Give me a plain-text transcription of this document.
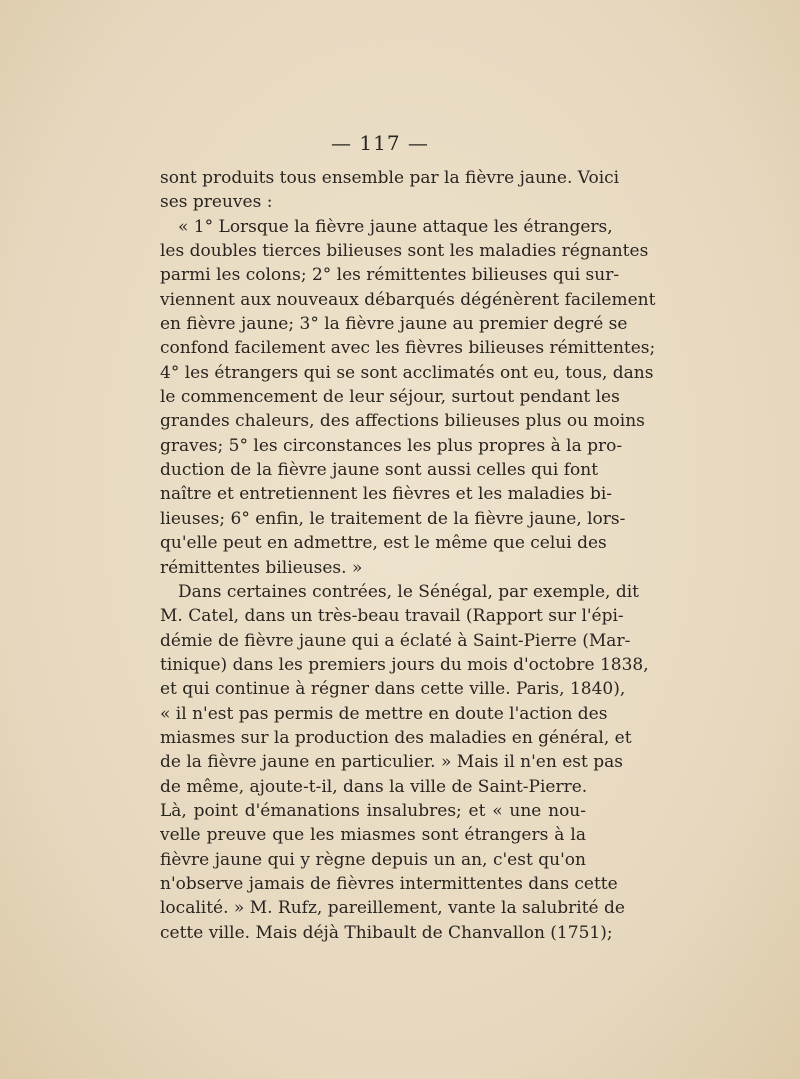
— 117 —
sont produits tous ensemble par la fièvre jaune. Voici
ses preuves :
« 1° Lorsque la fièvre jaune attaque les étrangers,
les doubles tierces bilieuses sont les maladies régnantes
parmi les colons; 2° les rémittentes bilieuses qui sur-
viennent aux nouveaux débarqués dégénèrent facilement
en fièvre jaune; 3° la fièvre jaune au premier degré se
confond facilement avec les fièvres bilieuses rémittentes;
4° les étrangers qui se sont acclimatés ont eu, tous, dans
le commencement de leur séjour, surtout pendant les
grandes chaleurs, des affections bilieuses plus ou moins
graves; 5° les circonstances les plus propres à la pro-
duction de la fièvre jaune sont aussi celles qui font
naître et entretiennent les fièvres et les maladies bi-
lieuses; 6° enfin, le traitement de la fièvre jaune, lors-
qu'elle peut en admettre, est le même que celui des
rémittentes bilieuses. »
Dans certaines contrées, le Sénégal, par exemple, dit
M. Catel, dans un très-beau travail (Rapport sur l'épi-
démie de fièvre jaune qui a éclaté à Saint-Pierre (Mar-
tinique) dans les premiers jours du mois d'octobre 1838,
et qui continue à régner dans cette ville. Paris, 1840),
« il n'est pas permis de mettre en doute l'action des
miasmes sur la production des maladies en général, et
de la fièvre jaune en particulier. » Mais il n'en est pas
de même, ajoute-t-il, dans la ville de Saint-Pierre.
Là, point d'émanations insalubres; et « une nou-
velle preuve que les miasmes sont étrangers à la
fièvre jaune qui y règne depuis un an, c'est qu'on
n'observe jamais de fièvres intermittentes dans cette
localité. » M. Rufz, pareillement, vante la salubrité de
cette ville. Mais déjà Thibault de Chanvallon (1751);
